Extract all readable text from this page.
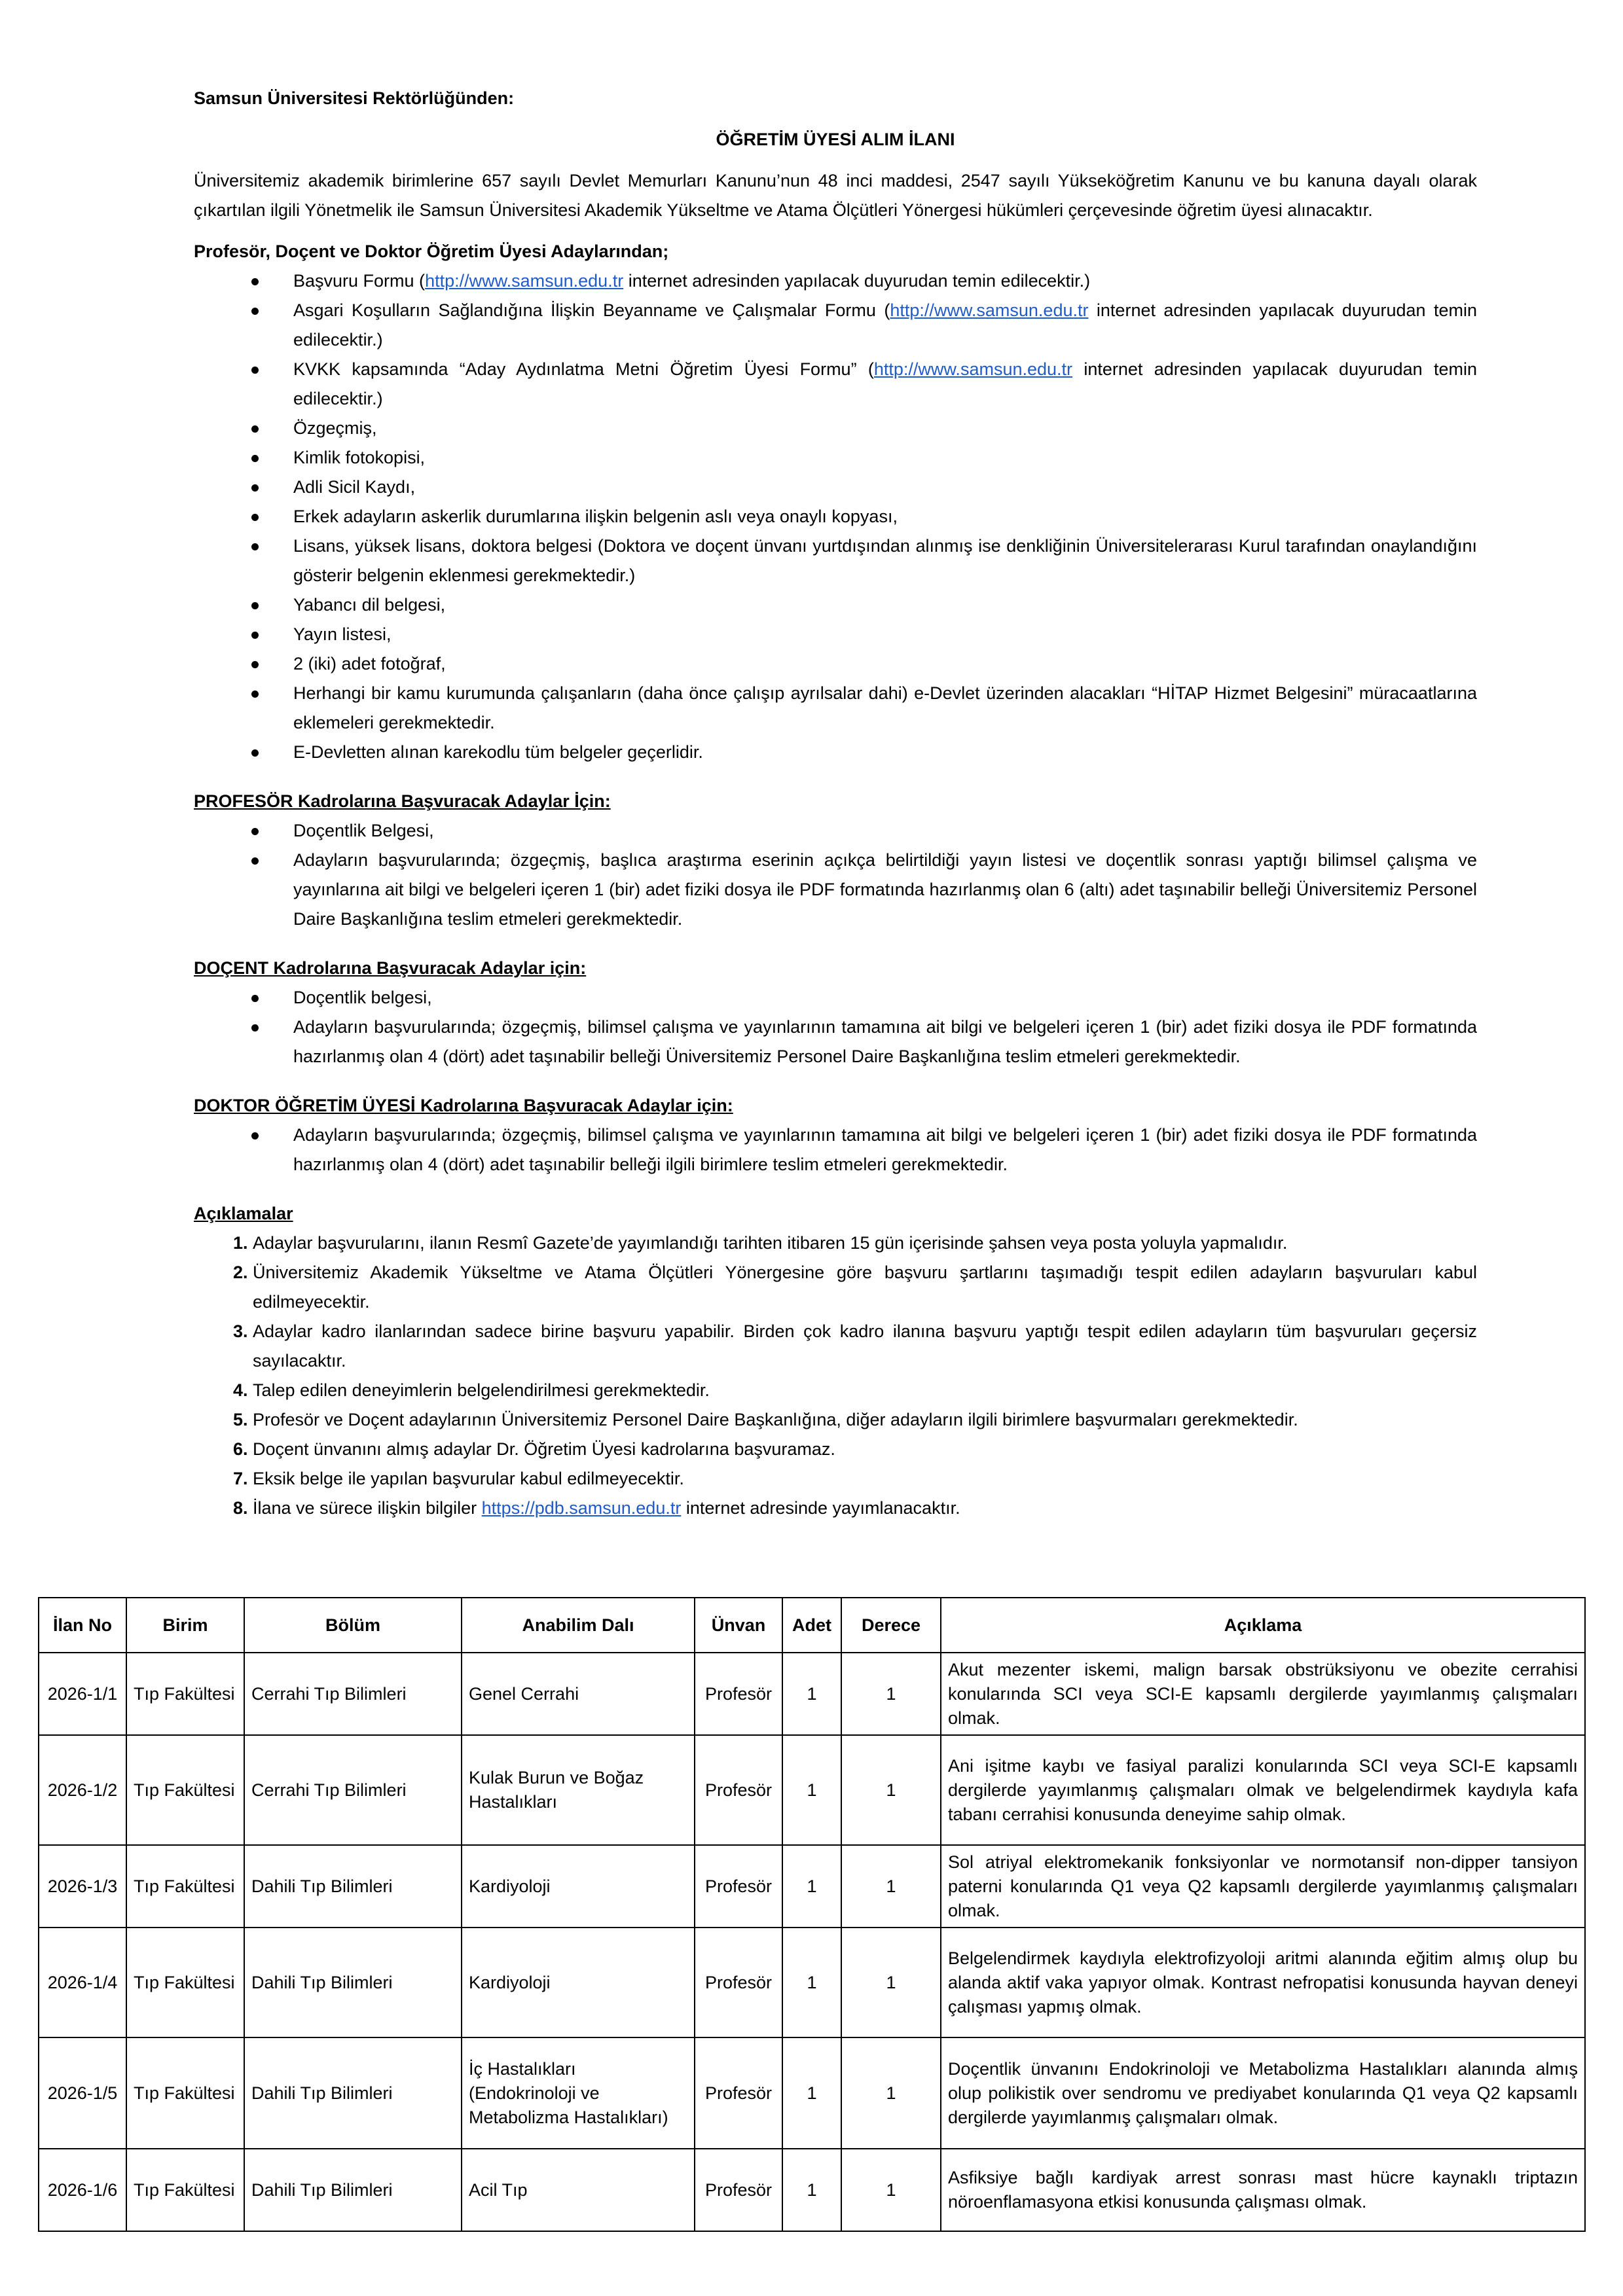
Samsun Üniversitesi Rektörlüğünden:
ÖĞRETİM ÜYESİ ALIM İLANI
Üniversitemiz akademik birimlerine 657 sayılı Devlet Memurları Kanunu’nun 48 inci maddesi, 2547 sayılı Yükseköğretim Kanunu ve bu kanuna dayalı olarak çıkartılan ilgili Yönetmelik ile Samsun Üniversitesi Akademik Yükseltme ve Atama Ölçütleri Yönergesi hükümleri çerçevesinde öğretim üyesi alınacaktır.
Profesör, Doçent ve Doktor Öğretim Üyesi Adaylarından;
Başvuru Formu (http://www.samsun.edu.tr internet adresinden yapılacak duyurudan temin edilecektir.)
Asgari Koşulların Sağlandığına İlişkin Beyanname ve Çalışmalar Formu (http://www.samsun.edu.tr internet adresinden yapılacak duyurudan temin edilecektir.)
KVKK kapsamında “Aday Aydınlatma Metni Öğretim Üyesi Formu” (http://www.samsun.edu.tr internet adresinden yapılacak duyurudan temin edilecektir.)
Özgeçmiş,
Kimlik fotokopisi,
Adli Sicil Kaydı,
Erkek adayların askerlik durumlarına ilişkin belgenin aslı veya onaylı kopyası,
Lisans, yüksek lisans, doktora belgesi (Doktora ve doçent ünvanı yurtdışından alınmış ise denkliğinin Üniversitelerarası Kurul tarafından onaylandığını gösterir belgenin eklenmesi gerekmektedir.)
Yabancı dil belgesi,
Yayın listesi,
2 (iki) adet fotoğraf,
Herhangi bir kamu kurumunda çalışanların (daha önce çalışıp ayrılsalar dahi) e-Devlet üzerinden alacakları “HİTAP Hizmet Belgesini” müracaatlarına eklemeleri gerekmektedir.
E-Devletten alınan karekodlu tüm belgeler geçerlidir.
PROFESÖR Kadrolarına Başvuracak Adaylar İçin:
Doçentlik Belgesi,
Adayların başvurularında; özgeçmiş, başlıca araştırma eserinin açıkça belirtildiği yayın listesi ve doçentlik sonrası yaptığı bilimsel çalışma ve yayınlarına ait bilgi ve belgeleri içeren 1 (bir) adet fiziki dosya ile PDF formatında hazırlanmış olan 6 (altı) adet taşınabilir belleği Üniversitemiz Personel Daire Başkanlığına teslim etmeleri gerekmektedir.
DOÇENT Kadrolarına Başvuracak Adaylar için:
Doçentlik belgesi,
Adayların başvurularında; özgeçmiş, bilimsel çalışma ve yayınlarının tamamına ait bilgi ve belgeleri içeren 1 (bir) adet fiziki dosya ile PDF formatında hazırlanmış olan 4 (dört) adet taşınabilir belleği Üniversitemiz Personel Daire Başkanlığına teslim etmeleri gerekmektedir.
DOKTOR ÖĞRETİM ÜYESİ Kadrolarına Başvuracak Adaylar için:
Adayların başvurularında; özgeçmiş, bilimsel çalışma ve yayınlarının tamamına ait bilgi ve belgeleri içeren 1 (bir) adet fiziki dosya ile PDF formatında hazırlanmış olan 4 (dört) adet taşınabilir belleği ilgili birimlere teslim etmeleri gerekmektedir.
Açıklamalar
1. Adaylar başvurularını, ilanın Resmî Gazete’de yayımlandığı tarihten itibaren 15 gün içerisinde şahsen veya posta yoluyla yapmalıdır.
2. Üniversitemiz Akademik Yükseltme ve Atama Ölçütleri Yönergesine göre başvuru şartlarını taşımadığı tespit edilen adayların başvuruları kabul edilmeyecektir.
3. Adaylar kadro ilanlarından sadece birine başvuru yapabilir. Birden çok kadro ilanına başvuru yaptığı tespit edilen adayların tüm başvuruları geçersiz sayılacaktır.
4. Talep edilen deneyimlerin belgelendirilmesi gerekmektedir.
5. Profesör ve Doçent adaylarının Üniversitemiz Personel Daire Başkanlığına, diğer adayların ilgili birimlere başvurmaları gerekmektedir.
6. Doçent ünvanını almış adaylar Dr. Öğretim Üyesi kadrolarına başvuramaz.
7. Eksik belge ile yapılan başvurular kabul edilmeyecektir.
8. İlana ve sürece ilişkin bilgiler https://pdb.samsun.edu.tr internet adresinde yayımlanacaktır.
İlan No	Birim	Bölüm	Anabilim Dalı	Ünvan	Adet	Derece	Açıklama
2026-1/1	Tıp Fakültesi	Cerrahi Tıp Bilimleri	Genel Cerrahi	Profesör	1	1	Akut mezenter iskemi, malign barsak obstrüksiyonu ve obezite cerrahisi konularında SCI veya SCI-E kapsamlı dergilerde yayımlanmış çalışmaları olmak.
2026-1/2	Tıp Fakültesi	Cerrahi Tıp Bilimleri	Kulak Burun ve Boğaz Hastalıkları	Profesör	1	1	Ani işitme kaybı ve fasiyal paralizi konularında SCI veya SCI-E kapsamlı dergilerde yayımlanmış çalışmaları olmak ve belgelendirmek kaydıyla kafa tabanı cerrahisi konusunda deneyime sahip olmak.
2026-1/3	Tıp Fakültesi	Dahili Tıp Bilimleri	Kardiyoloji	Profesör	1	1	Sol atriyal elektromekanik fonksiyonlar ve normotansif non-dipper tansiyon paterni konularında Q1 veya Q2 kapsamlı dergilerde yayımlanmış çalışmaları olmak.
2026-1/4	Tıp Fakültesi	Dahili Tıp Bilimleri	Kardiyoloji	Profesör	1	1	Belgelendirmek kaydıyla elektrofizyoloji aritmi alanında eğitim almış olup bu alanda aktif vaka yapıyor olmak. Kontrast nefropatisi konusunda hayvan deneyi çalışması yapmış olmak.
2026-1/5	Tıp Fakültesi	Dahili Tıp Bilimleri	İç Hastalıkları (Endokrinoloji ve Metabolizma Hastalıkları)	Profesör	1	1	Doçentlik ünvanını Endokrinoloji ve Metabolizma Hastalıkları alanında almış olup polikistik over sendromu ve prediyabet konularında Q1 veya Q2 kapsamlı dergilerde yayımlanmış çalışmaları olmak.
2026-1/6	Tıp Fakültesi	Dahili Tıp Bilimleri	Acil Tıp	Profesör	1	1	Asfiksiye bağlı kardiyak arrest sonrası mast hücre kaynaklı triptazın nöroenflamasyona etkisi konusunda çalışması olmak.
